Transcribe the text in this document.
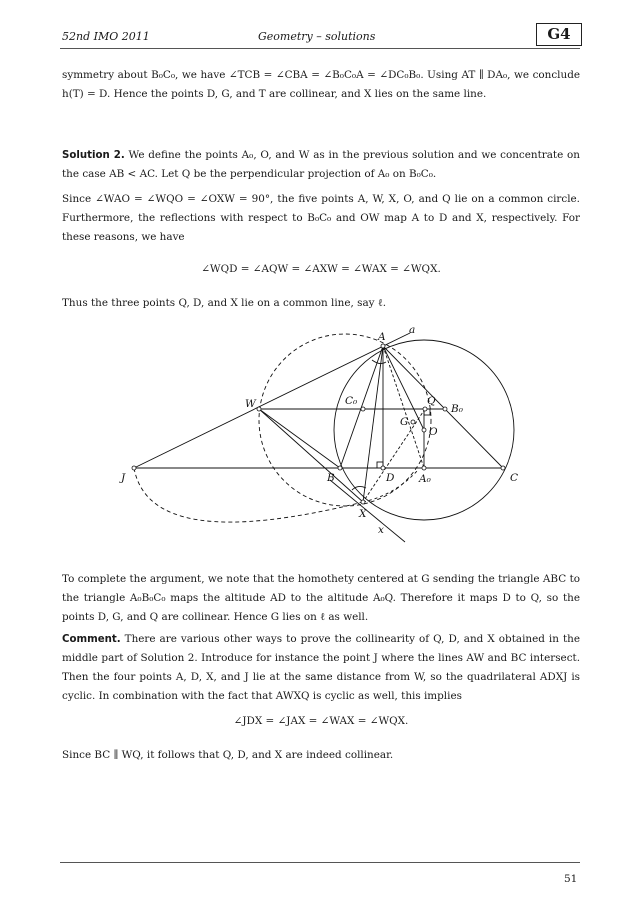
52nd IMO 2011	Geometry – solutions	G4
symmetry about B₀C₀, we have ∠TCB = ∠CBA = ∠B₀C₀A = ∠DC₀B₀. Using AT ∥ DA₀, we conclude h(T) = D. Hence the points D, G, and T are collinear, and X lies on the same line.
Solution 2. We define the points A₀, O, and W as in the previous solution and we concentrate on the case AB < AC. Let Q be the perpendicular projection of A₀ on B₀C₀.
Since ∠WAO = ∠WQO = ∠OXW = 90°, the five points A, W, X, O, and Q lie on a common circle. Furthermore, the reflections with respect to B₀C₀ and OW map A to D and X, respectively. For these reasons, we have
∠WQD = ∠AQW = ∠AXW = ∠WAX = ∠WQX.
Thus the three points Q, D, and X lie on a common line, say ℓ.
a
A
W	C₀	Q
B₀
G
O
J	B	D A₀	C
X
x
To complete the argument, we note that the homothety centered at G sending the triangle ABC to the triangle A₀B₀C₀ maps the altitude AD to the altitude A₀Q. Therefore it maps D to Q, so the points D, G, and Q are collinear. Hence G lies on ℓ as well.
Comment. There are various other ways to prove the collinearity of Q, D, and X obtained in the middle part of Solution 2. Introduce for instance the point J where the lines AW and BC intersect. Then the four points A, D, X, and J lie at the same distance from W, so the quadrilateral ADXJ is cyclic. In combination with the fact that AWXQ is cyclic as well, this implies
∠JDX = ∠JAX = ∠WAX = ∠WQX.
Since BC ∥ WQ, it follows that Q, D, and X are indeed collinear.
51
